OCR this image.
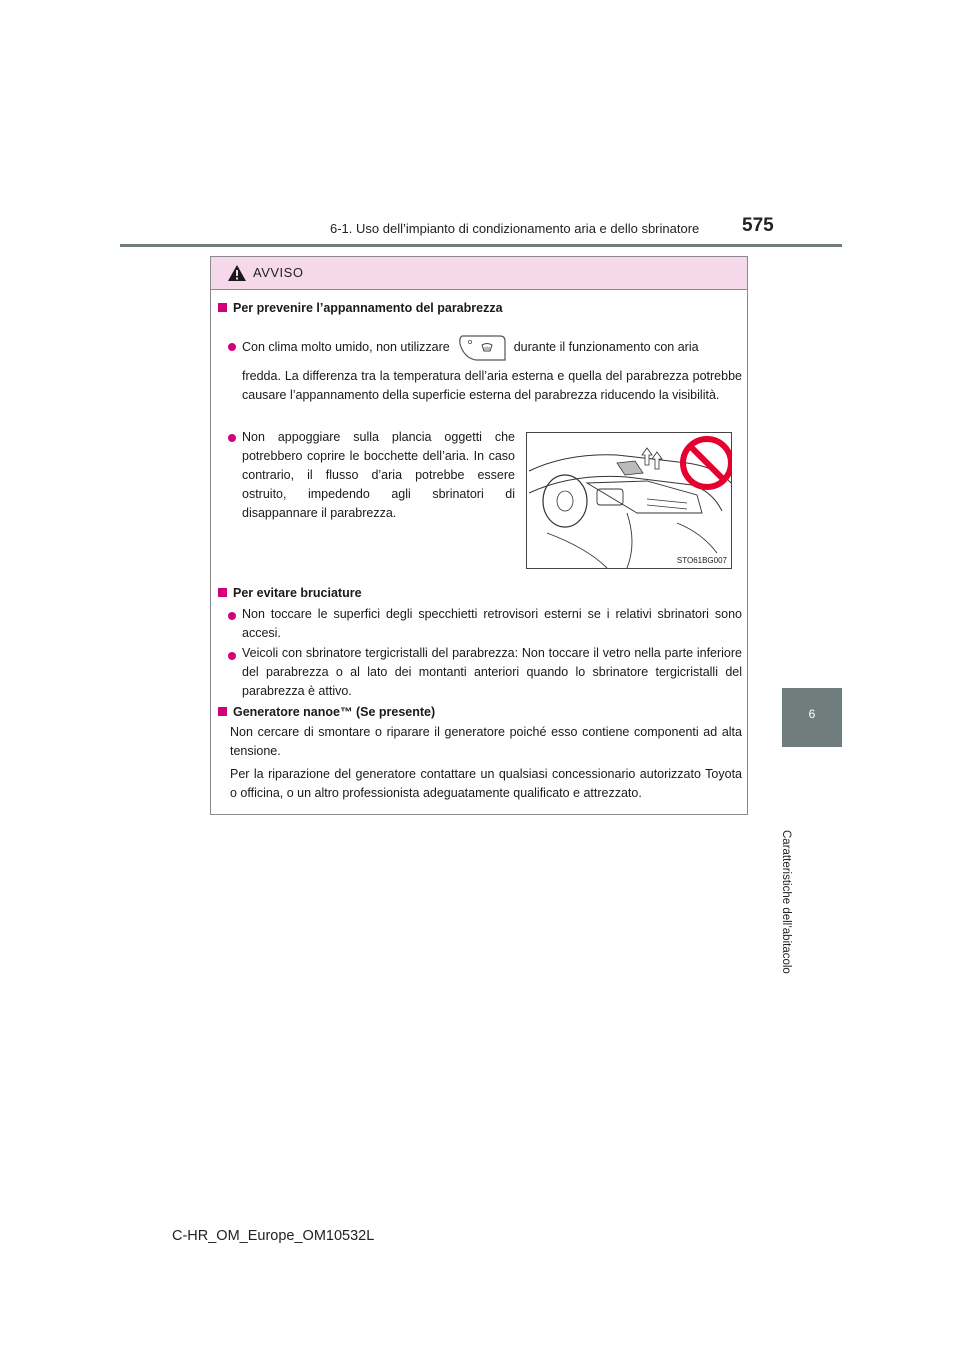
6-1. Uso dell’impianto di condizionamento aria e dello sbrinatore 575
6
Caratteristiche dell’abitacolo
AVVISO
Per prevenire l’appannamento del parabrezza
Con clima molto umido, non utilizzare	durante il funzionamento con aria
fredda. La differenza tra la temperatura dell’aria esterna e quella del parabrezza potrebbe causare l’appannamento della superficie esterna del parabrezza riducendo la visibilità.
Non appoggiare sulla plancia oggetti che potrebbero coprire le bocchette dell’aria. In caso contrario, il flusso d’aria potrebbe essere ostruito, impedendo agli sbrinatori di disappannare il parabrezza.
Per evitare bruciature
Non toccare le superfici degli specchietti retrovisori esterni se i relativi sbrinatori sono accesi.
Veicoli con sbrinatore tergicristalli del parabrezza: Non toccare il vetro nella parte inferiore del parabrezza o al lato dei montanti anteriori quando lo sbrinatore tergicristalli del parabrezza è attivo.
Generatore nanoe™ (Se presente)
Non cercare di smontare o riparare il generatore poiché esso contiene componenti ad alta tensione.
Per la riparazione del generatore contattare un qualsiasi concessionario autorizzato Toyota o officina, o un altro professionista adeguatamente qualificato e attrezzato.
STO61BG007
C-HR_OM_Europe_OM10532L
